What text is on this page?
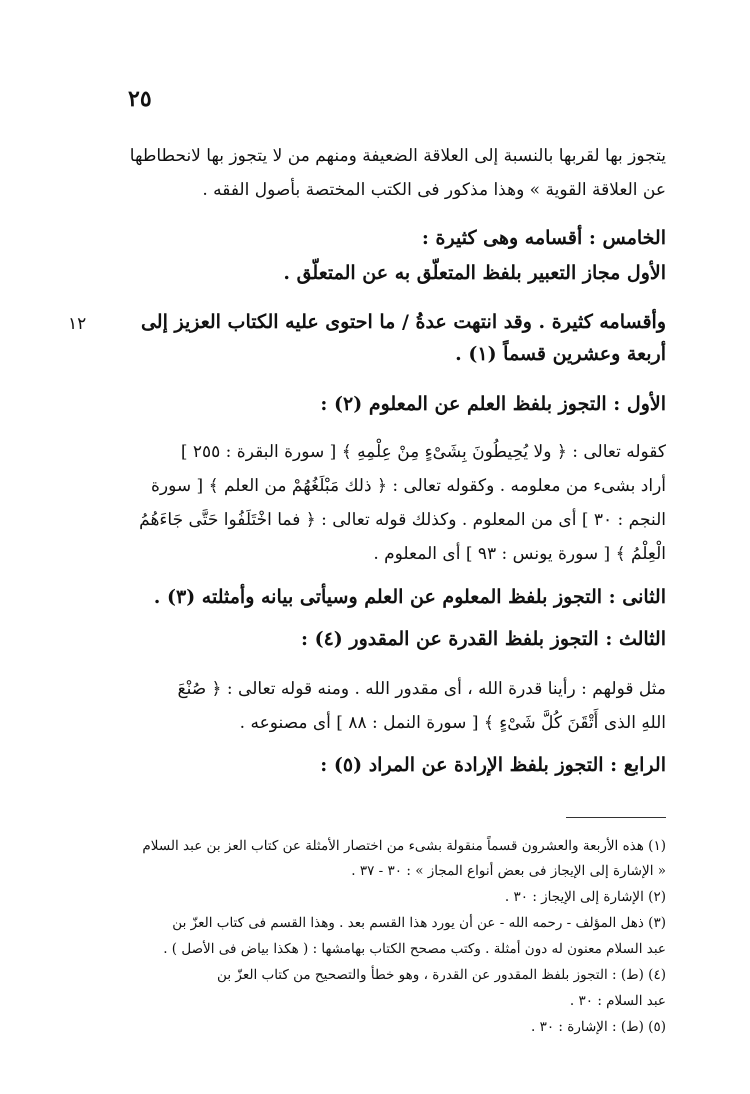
٢٥
يتجوز بها لقربها بالنسبة إلى العلاقة الضعيفة ومنهم من لا يتجوز بها لانحطاطها
عن العلاقة القوية » وهذا مذكور فى الكتب المختصة بأصول الفقه .
الخامس : أقسامه وهى كثيرة :
الأول مجاز التعبير بلفظ المتعلّق به عن المتعلّق .
وأقسامه كثيرة . وقد انتهت عدةُ / ما احتوى عليه الكتاب العزيز إلى
١٢
أربعة وعشرين قسماً (١) .
الأول : التجوز بلفظ العلم عن المعلوم (٢) :
كقوله تعالى : ﴿ ولا يُحِيطُونَ بِشَىْءٍ مِنْ عِلْمِهِ ﴾ [ سورة البقرة : ٢٥٥ ]
أراد بشىء من معلومه . وكقوله تعالى : ﴿ ذلك مَبْلَغُهُمْ من العلم ﴾ [ سورة
النجم : ٣٠ ] أى من المعلوم . وكذلك قوله تعالى : ﴿ فما اخْتَلَفُوا حَتَّى جَاءَهُمُ
الْعِلْمُ ﴾ [ سورة يونس : ٩٣ ] أى المعلوم .
الثانى : التجوز بلفظ المعلوم عن العلم وسيأتى بيانه وأمثلته (٣) .
الثالث : التجوز بلفظ القدرة عن المقدور (٤) :
مثل قولهم : رأينا قدرة الله ، أى مقدور الله . ومنه قوله تعالى : ﴿ صُنْعَ
اللهِ الذى أَتْقَنَ كُلَّ شَىْءٍ ﴾ [ سورة النمل : ٨٨ ] أى مصنوعه .
الرابع : التجوز بلفظ الإرادة عن المراد (٥) :
(١) هذه الأربعة والعشرون قسماً منقولة بشىء من اختصار الأمثلة عن كتاب العز بن عبد السلام
« الإشارة إلى الإيجاز فى بعض أنواع المجاز » : ٣٠ - ٣٧ .
(٢) الإشارة إلى الإيجاز : ٣٠ .
(٣) ذهل المؤلف - رحمه الله - عن أن يورد هذا القسم بعد . وهذا القسم فى كتاب العزّ بن
عبد السلام معنون له دون أمثلة . وكتب مصحح الكتاب بهامشها : ( هكذا بياض فى الأصل ) .
(٤) (ط) : التجوز بلفظ المقدور عن القدرة ، وهو خطأ والتصحيح من كتاب العزّ بن
عبد السلام : ٣٠ .
(٥) (ط) : الإشارة : ٣٠ .
